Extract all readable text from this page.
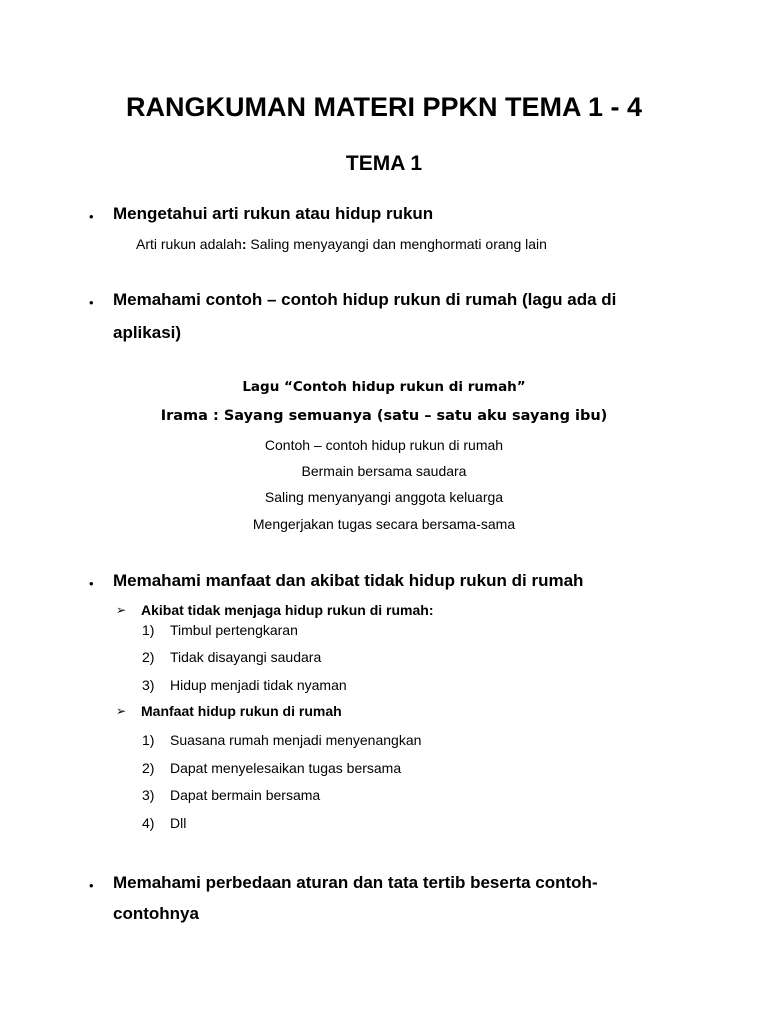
RANGKUMAN MATERI PPKN TEMA 1 - 4
TEMA 1
• Mengetahui arti rukun atau hidup rukun
Arti rukun adalah: Saling menyayangi dan menghormati orang lain
• Memahami contoh – contoh hidup rukun di rumah (lagu ada di
aplikasi)
Lagu “Contoh hidup rukun di rumah”
Irama : Sayang semuanya (satu – satu aku sayang ibu)
Contoh – contoh hidup rukun di rumah
Bermain bersama saudara
Saling menyanyangi anggota keluarga
Mengerjakan tugas secara bersama-sama
• Memahami manfaat dan akibat tidak hidup rukun di rumah
➢ Akibat tidak menjaga hidup rukun di rumah:
1) Timbul pertengkaran
2) Tidak disayangi saudara
3) Hidup menjadi tidak nyaman
➢ Manfaat hidup rukun di rumah
1) Suasana rumah menjadi menyenangkan
2) Dapat menyelesaikan tugas bersama
3) Dapat bermain bersama
4) Dll
• Memahami perbedaan aturan dan tata tertib beserta contoh-
contohnya
